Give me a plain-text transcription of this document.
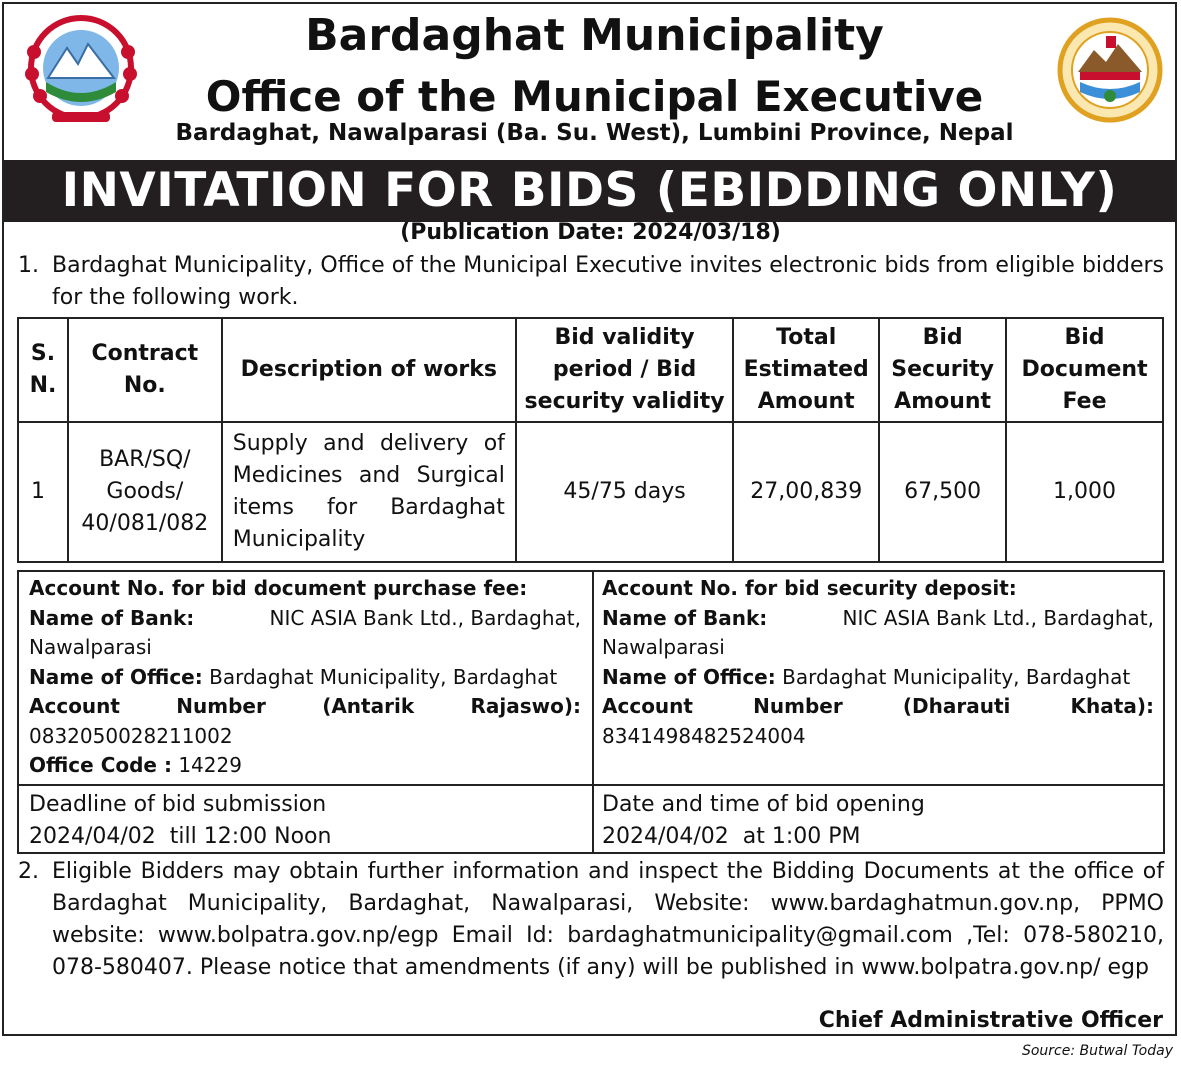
Bardaghat Municipality
Office of the Municipal Executive
Bardaghat, Nawalparasi (Ba. Su. West), Lumbini Province, Nepal
INVITATION FOR BIDS (EBIDDING ONLY)
(Publication Date: 2024/03/18)
1. Bardaghat Municipality, Office of the Municipal Executive invites electronic bids from eligible bidders for the following work.
S. N.	Contract No.	Description of works	Bid validity period / Bid security validity	Total Estimated Amount	Bid Security Amount	Bid Document Fee
1	BAR/SQ/ Goods/ 40/081/082	Supply and delivery of Medicines and Surgical items for Bardaghat Municipality	45/75 days	27,00,839	67,500	1,000
Account No. for bid document purchase fee:
Name of Bank:	NIC ASIA Bank Ltd., Bardaghat,
Nawalparasi
Name of Office: Bardaghat Municipality, Bardaghat
Account	Number	(Antarik	Rajaswo):
0832050028211002
Office Code : 14229
Account No. for bid security deposit:
Name of Bank:	NIC ASIA Bank Ltd., Bardaghat,
Nawalparasi
Name of Office: Bardaghat Municipality, Bardaghat
Account	Number	(Dharauti	Khata):
8341498482524004
Deadline of bid submission
2024/04/02  till 12:00 Noon
Date and time of bid opening
2024/04/02  at 1:00 PM
2. Eligible Bidders may obtain further information and inspect the Bidding Documents at the office of Bardaghat Municipality, Bardaghat, Nawalparasi, Website: www.bardaghatmun.gov.np, PPMO website: www.bolpatra.gov.np/egp Email Id: bardaghatmunicipality@gmail.com ,Tel: 078-580210, 078-580407. Please notice that amendments (if any) will be published in www.bolpatra.gov.np/ egp
Chief Administrative Officer
Source: Butwal Today
